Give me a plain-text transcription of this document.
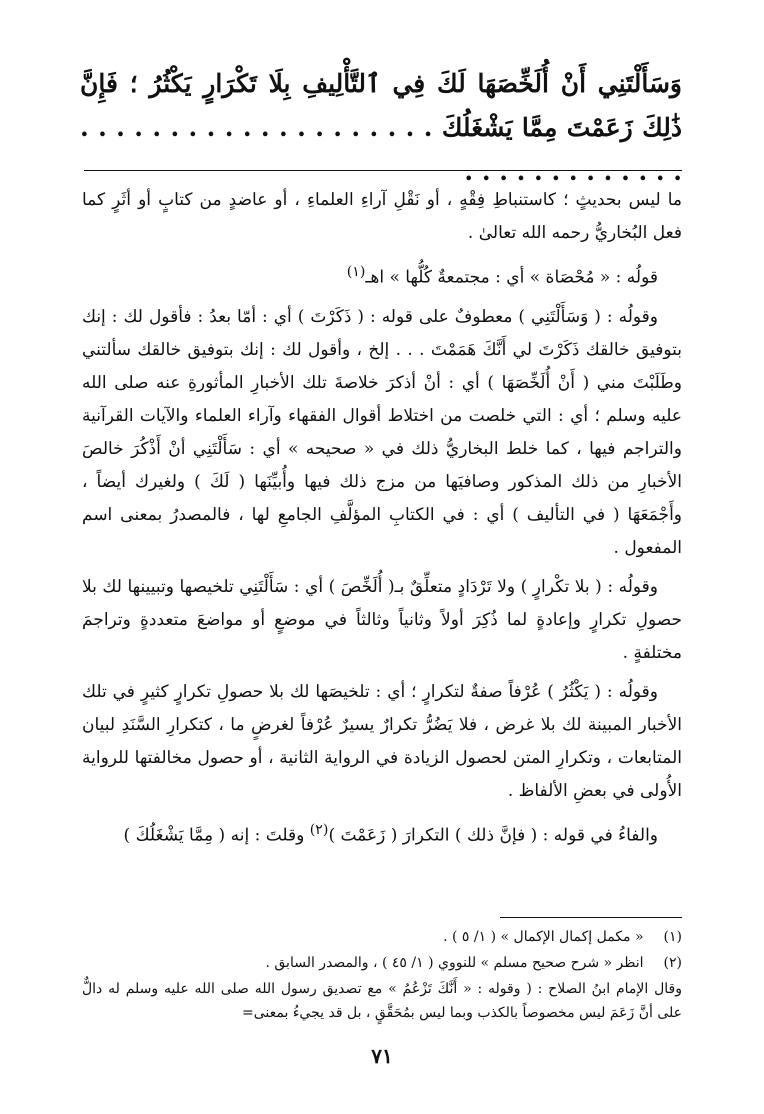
وَسَأَلْتَنِي أَنْ أُلَخِّصَهَا لَكَ فِي ٱلتَّأْلِيفِ بِلَا تَكْرَارٍ يَكْثُرُ ؛ فَإِنَّ ذَٰلِكَ زَعَمْتَ مِمَّا يَشْغَلُكَ . . . . . . . . . . . . . . . . . . . . . . . . . . . . . . . . .

ما ليس بحديثٍ ؛ كاستنباطِ فِقْهٍ ، أو نَقْلِ آراءِ العلماءِ ، أو عاضدٍ من كتابٍ أو أثَرٍ كما فعل البُخاريُّ رحمه الله تعالىٰ .

قولُه : « مُحْصَاة » أي : مجتمعةٌ كُلُّها » اهـ$^{(١)}$

وقولُه : ( وَسَأَلْتَنِي ) معطوفٌ على قوله : ( ذَكَرْتَ ) أي : أمّا بعدُ : فأقول لك : إنك بتوفيق خالقك ذَكَرْتَ لي أَنَّكَ هَمَمْتَ . . . إلخ ، وأقول لك : إنك بتوفيق خالقك سألتني وطَلَبْتَ مني ( أَنْ أُلَخِّصَهَا ) أي : أنْ أذكرَ خلاصةَ تلك الأخبارِ المأثورةِ عنه صلى الله عليه وسلم ؛ أي : التي خلصت من اختلاط أقوال الفقهاء وآراء العلماء والآيات القرآنية والتراجم فيها ، كما خلط البخاريُّ ذلك في « صحيحه » أي : سَأَلْتَنِي أنْ أَذْكُرَ خالصَ الأخبارِ من ذلك المذكور وصافيَها من مزج ذلك فيها وأُبيِّنَها ( لَكَ ) ولغيرك أيضاً ، وأَجْمَعَهَا ( في التأليف ) أي : في الكتابِ المؤلَّفِ الجامعِ لها ، فالمصدرُ بمعنى اسم المفعول .

وقولُه : ( بلا تكْرارٍ ) ولا تَرْدَادٍ متعلِّقٌ بـ( أُلَخِّصَ ) أي : سَأَلْتَنِي تلخيصها وتبيينها لك بلا حصولِ تكرارٍ وإعادةٍ لما ذُكِرَ أولاً وثانياً وثالثاً في موضعٍ أو مواضعَ متعددةٍ وتراجمَ مختلفةٍ .

وقولُه : ( يَكْثُرُ ) عُرْفاً صفةٌ لتكرارٍ ؛ أي : تلخيصَها لك بلا حصولِ تكرارٍ كثيرٍ في تلك الأخبار المبينة لك بلا غرض ، فلا يَضُرُّ تكرارٌ يسيرٌ عُرْفاً لغرضٍ ما ، كتكرارِ السَّنَدِ لبيان المتابعات ، وتكرارِ المتن لحصول الزيادة في الرواية الثانية ، أو حصول مخالفتها للرواية الأُولى في بعضِ الألفاظ .

والفاءُ في قوله : ( فإنَّ ذلك ) التكرارَ ( زَعَمْتَ )$^{(٢)}$ وقلتَ : إنه ( مِمَّا يَشْغَلُكَ )

(١) « مكمل إكمال الإكمال » ( ١/ ٥ ) .

(٢) انظر « شرح صحيح مسلم » للنووي ( ١/ ٤٥ ) ، والمصدر السابق .

وقال الإمام ابنُ الصلاح : ( وقوله : « أَنَّكَ تَزْعُمُ » مع تصديق رسول الله صلى الله عليه وسلم له دالٌّ على أنَّ زَعَمَ ليس مخصوصاً بالكذب وبما ليس بمُحَقَّقٍ ، بل قد يجيءُ بمعنى=

٧١
